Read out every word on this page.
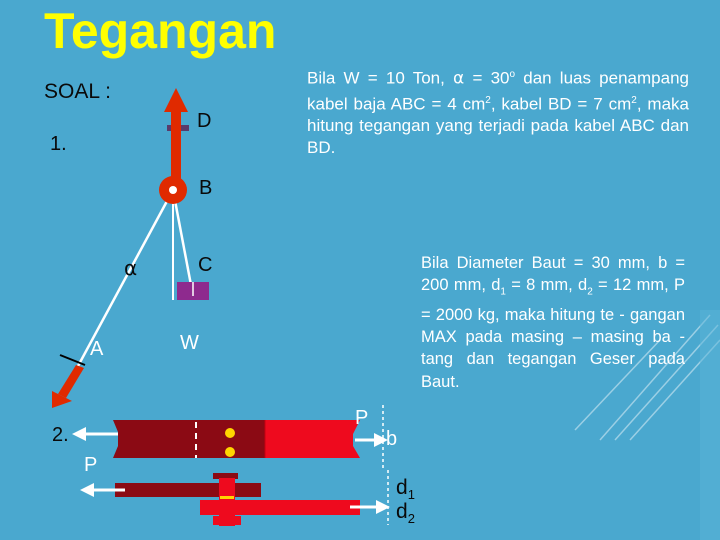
Tegangan
SOAL :
1.

Bila W = 10 Ton, $\alpha = 30^o$ dan luas penampang kabel baja ABC = 4 $cm^2$, kabel BD = 7 $cm^2$, maka hitung tegangan yang terjadi pada kabel ABC dan BD.

D
B
C
α
A	W
2.
P
P
b
$d_1$
$d_2$

Bila Diameter Baut = 30 mm, b = 200 mm, $d_1 = 8$ mm, $d_2 = 12$ mm, P = 2000 kg, maka hitung te - gangan MAX pada masing – masing ba - tang dan tegangan Geser pada Baut.
